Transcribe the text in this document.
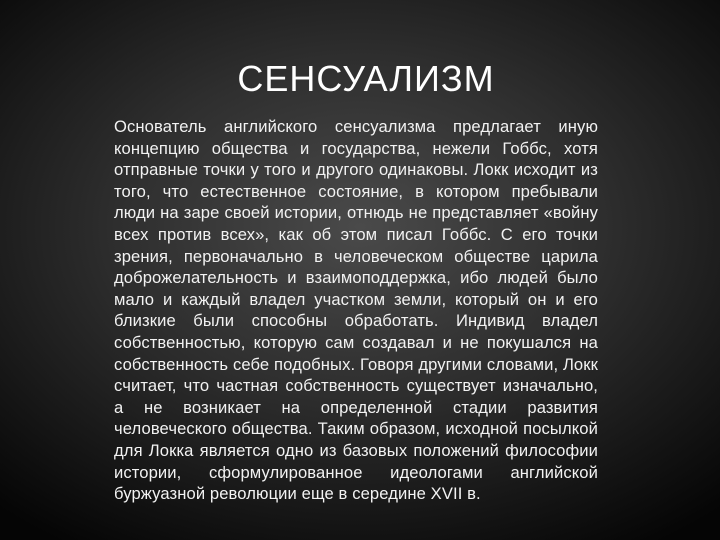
СЕНСУАЛИЗМ

Основатель английского сенсуализма предлагает иную концепцию общества и государства, нежели Гоббс, хотя отправные точки у того и другого одинаковы. Локк исходит из того, что естественное состояние, в котором пребывали люди на заре своей истории, отнюдь не представляет «войну всех против всех», как об этом писал Гоббс. С его точки зрения, первоначально в человеческом обществе царила доброжелательность и взаимоподдержка, ибо людей было мало и каждый владел участком земли, который он и его близкие были способны обработать. Индивид владел собственностью, которую сам создавал и не покушался на собственность себе подобных. Говоря другими словами, Локк считает, что частная собственность существует изначально, а не возникает на определенной стадии развития человеческого общества. Таким образом, исходной посылкой для Локка является одно из базовых положений философии истории, сформулированное идеологами английской буржуазной революции еще в середине XVII в.
